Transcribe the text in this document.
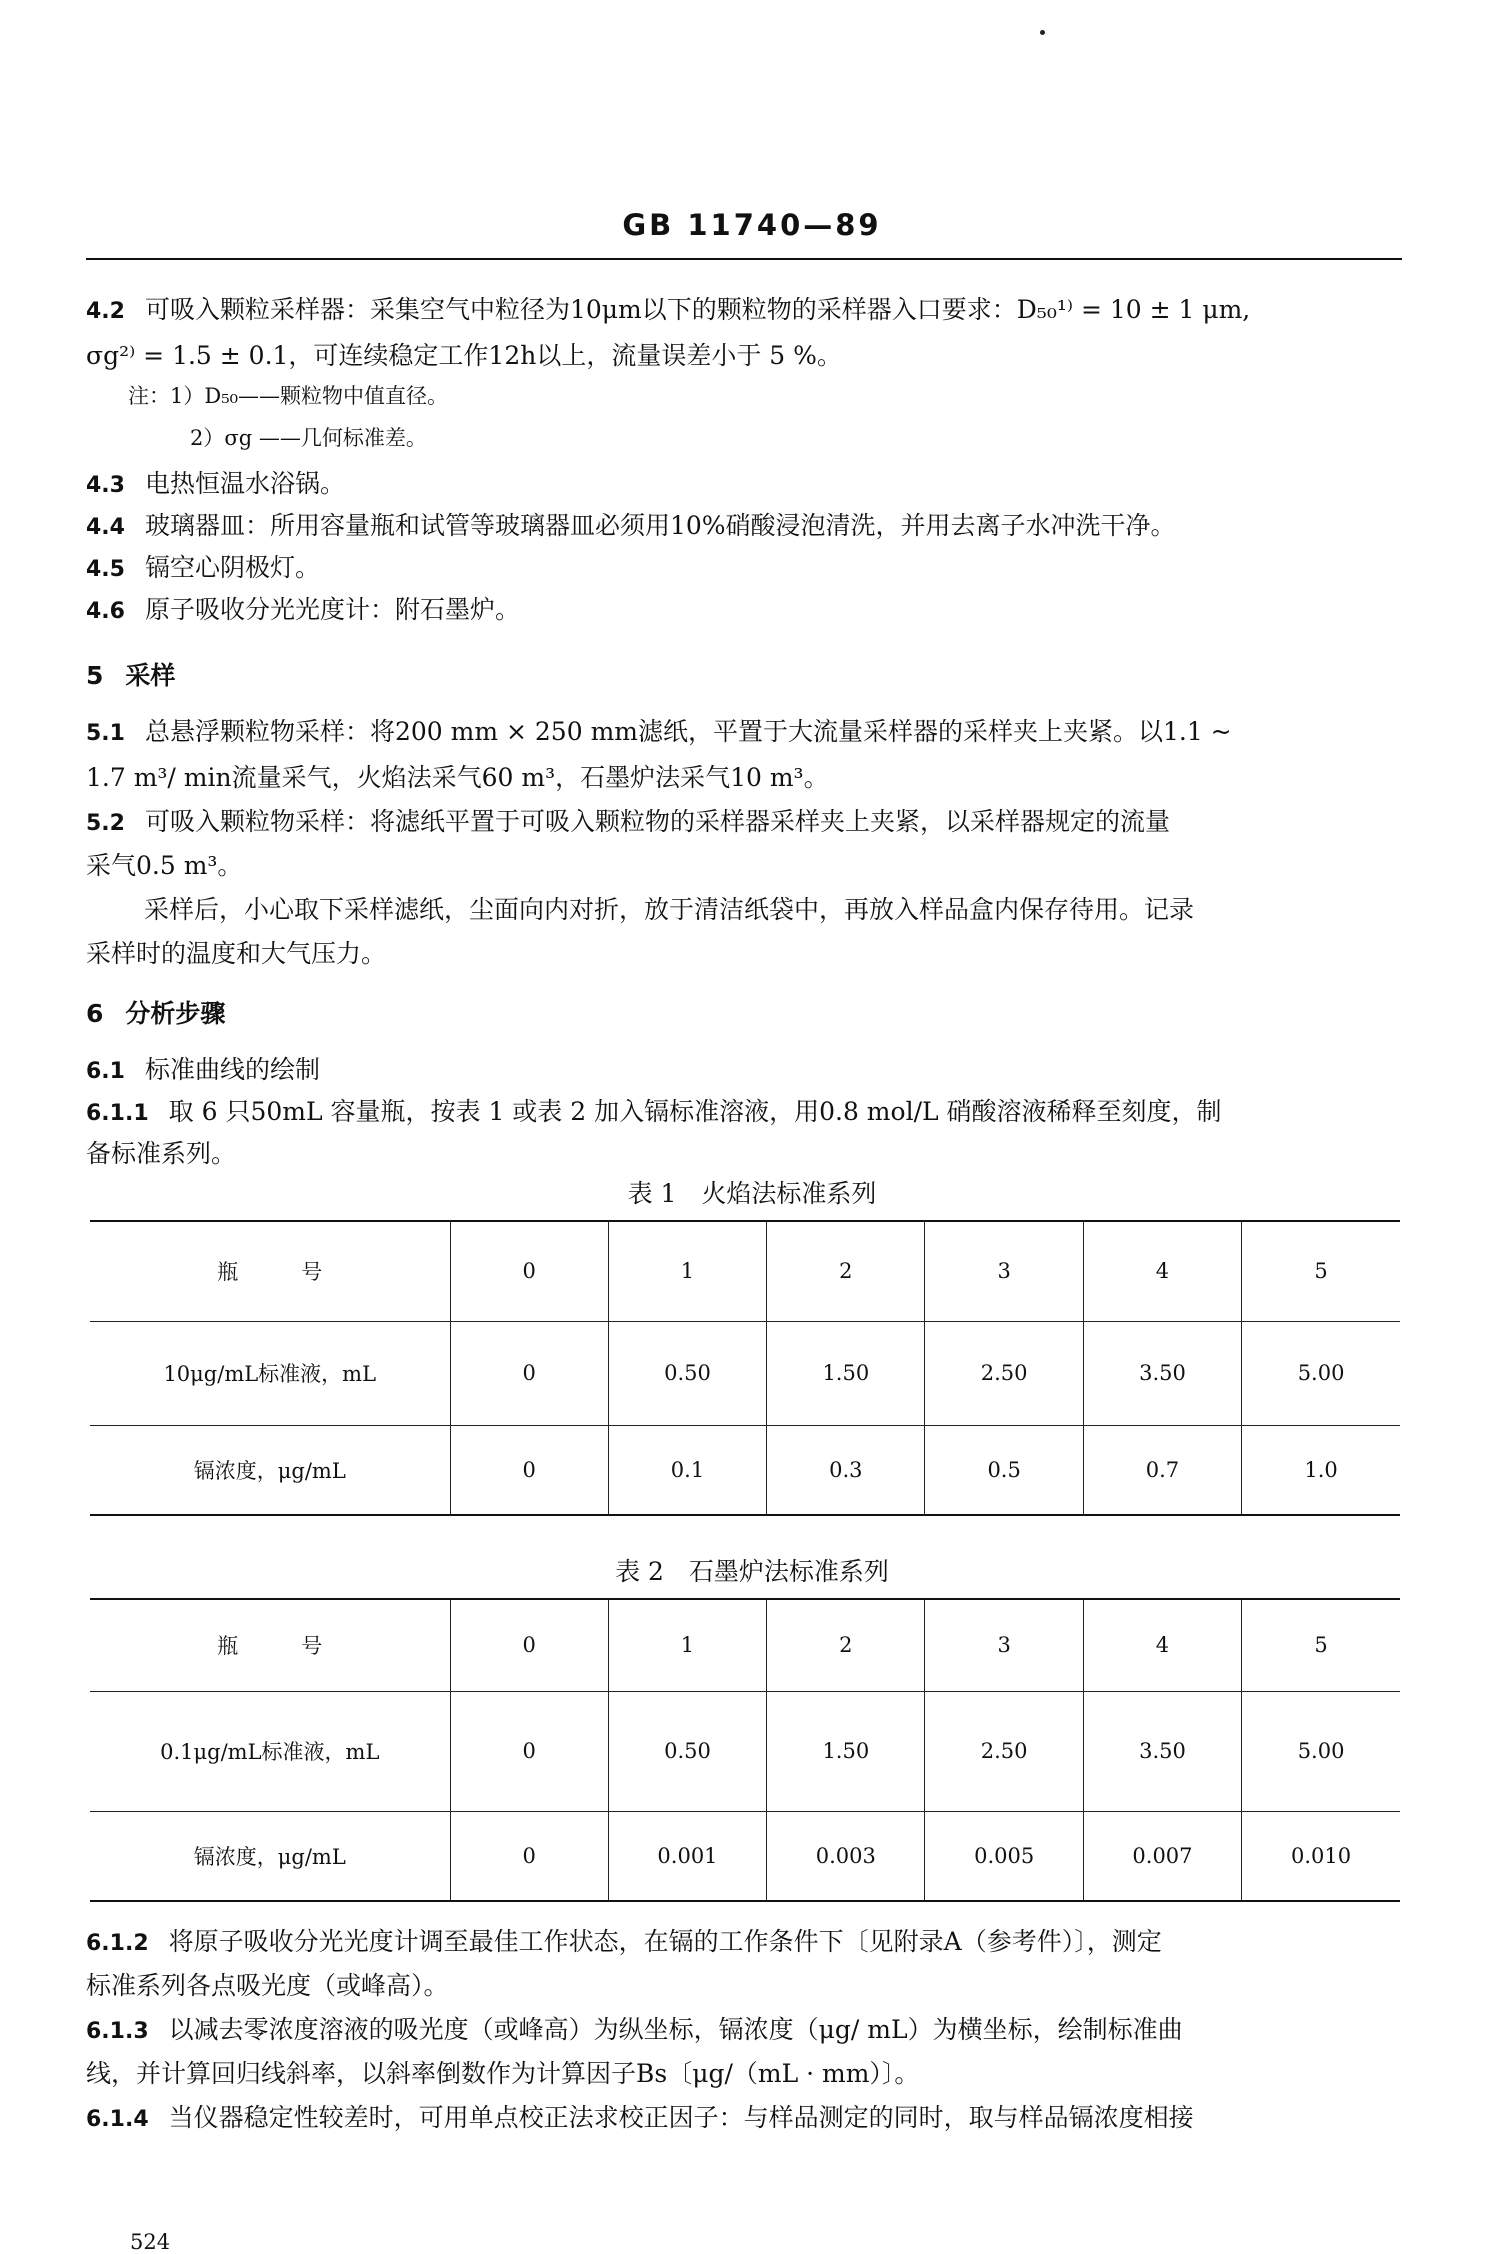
GB 11740—89
4.2 可吸入颗粒采样器：采集空气中粒径为10μm以下的颗粒物的采样器入口要求：D₅₀¹⁾ = 10 ± 1 μm,
σg²⁾ = 1.5 ± 0.1，可连续稳定工作12h以上，流量误差小于 5 %。
注：1）D₅₀——颗粒物中值直径。
2）σg ——几何标准差。
4.3 电热恒温水浴锅。
4.4 玻璃器皿：所用容量瓶和试管等玻璃器皿必须用10%硝酸浸泡清洗，并用去离子水冲洗干净。
4.5 镉空心阴极灯。
4.6 原子吸收分光光度计：附石墨炉。
5 采样
5.1 总悬浮颗粒物采样：将200 mm × 250 mm滤纸，平置于大流量采样器的采样夹上夹紧。以1.1 ~
1.7 m³/ min流量采气，火焰法采气60 m³，石墨炉法采气10 m³。
5.2 可吸入颗粒物采样：将滤纸平置于可吸入颗粒物的采样器采样夹上夹紧，以采样器规定的流量
采气0.5 m³。
采样后，小心取下采样滤纸，尘面向内对折，放于清洁纸袋中，再放入样品盒内保存待用。记录
采样时的温度和大气压力。
6 分析步骤
6.1 标准曲线的绘制
6.1.1 取 6 只50mL 容量瓶，按表 1 或表 2 加入镉标准溶液，用0.8 mol/L 硝酸溶液稀释至刻度，制
备标准系列。
表 1　火焰法标准系列
瓶　　　号	0	1	2	3	4	5
10μg/mL标准液，mL	0	0.50	1.50	2.50	3.50	5.00
镉浓度，μg/mL	0	0.1	0.3	0.5	0.7	1.0
表 2　石墨炉法标准系列
瓶　　　号	0	1	2	3	4	5
0.1μg/mL标准液，mL	0	0.50	1.50	2.50	3.50	5.00
镉浓度，μg/mL	0	0.001	0.003	0.005	0.007	0.010
6.1.2 将原子吸收分光光度计调至最佳工作状态，在镉的工作条件下〔见附录A（参考件）〕，测定
标准系列各点吸光度（或峰高）。
6.1.3 以减去零浓度溶液的吸光度（或峰高）为纵坐标，镉浓度（μg/ mL）为横坐标，绘制标准曲
线，并计算回归线斜率，以斜率倒数作为计算因子Bs〔μg/（mL · mm）〕。
6.1.4 当仪器稳定性较差时，可用单点校正法求校正因子：与样品测定的同时，取与样品镉浓度相接
524
